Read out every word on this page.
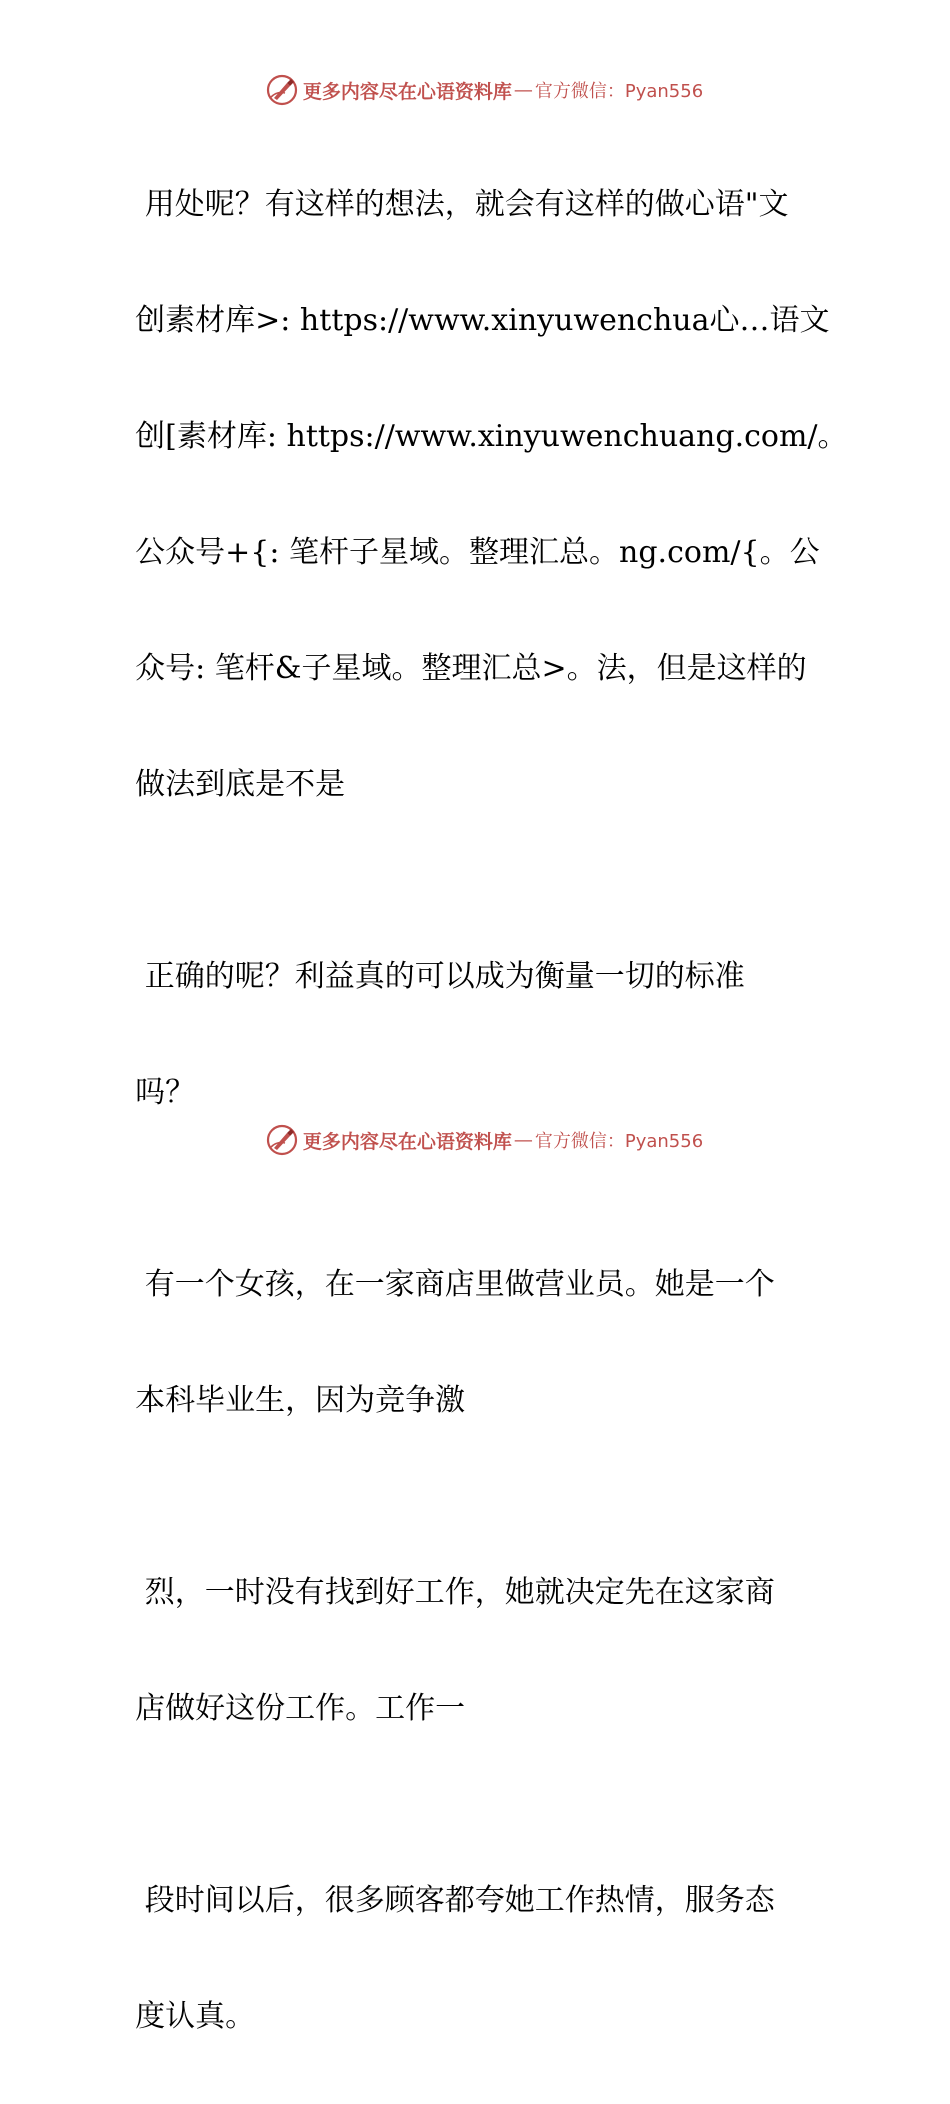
更多内容尽在心语资料库 — 官方微信：Pyan556

用处呢？有这样的想法，就会有这样的做心语"文

创素材库>: https://www.xinyuwenchua心…语文

创[素材库: https://www.xinyuwenchuang.com/。

公众号+{: 笔杆子星域。整理汇总。ng.com/{。公

众号: 笔杆&子星域。整理汇总>。法，但是这样的

做法到底是不是

正确的呢？利益真的可以成为衡量一切的标准

吗？

有一个女孩，在一家商店里做营业员。她是一个

本科毕业生，因为竞争激

烈，一时没有找到好工作，她就决定先在这家商

店做好这份工作。工作一

段时间以后，很多顾客都夸她工作热情，服务态

度认真。

更多内容尽在心语资料库 — 官方微信：Pyan556
